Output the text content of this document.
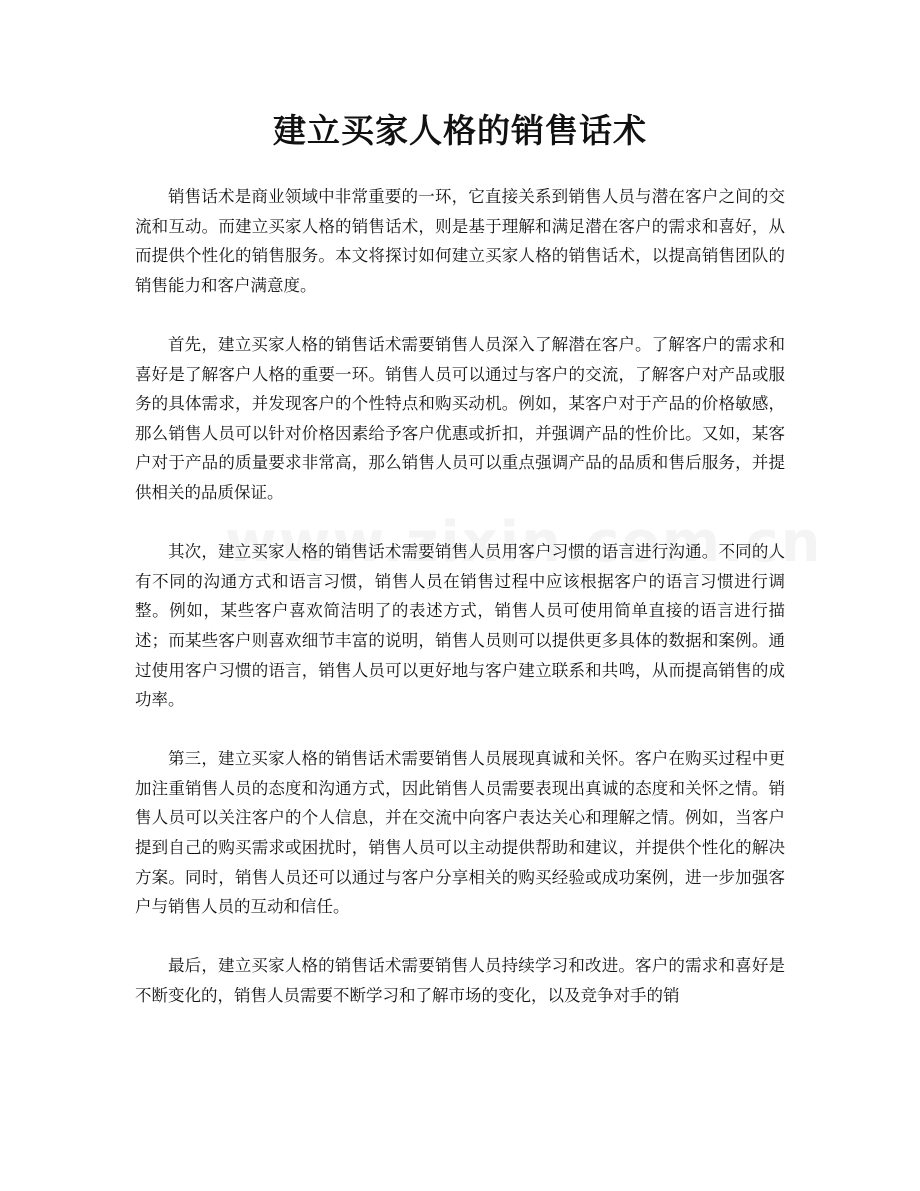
建立买家人格的销售话术

销售话术是商业领域中非常重要的一环，它直接关系到销售人员与潜在客户之间的交流和互动。而建立买家人格的销售话术，则是基于理解和满足潜在客户的需求和喜好，从而提供个性化的销售服务。本文将探讨如何建立买家人格的销售话术，以提高销售团队的销售能力和客户满意度。

首先，建立买家人格的销售话术需要销售人员深入了解潜在客户。了解客户的需求和喜好是了解客户人格的重要一环。销售人员可以通过与客户的交流，了解客户对产品或服务的具体需求，并发现客户的个性特点和购买动机。例如，某客户对于产品的价格敏感，那么销售人员可以针对价格因素给予客户优惠或折扣，并强调产品的性价比。又如，某客户对于产品的质量要求非常高，那么销售人员可以重点强调产品的品质和售后服务，并提供相关的品质保证。

其次，建立买家人格的销售话术需要销售人员用客户习惯的语言进行沟通。不同的人有不同的沟通方式和语言习惯，销售人员在销售过程中应该根据客户的语言习惯进行调整。例如，某些客户喜欢简洁明了的表述方式，销售人员可使用简单直接的语言进行描述；而某些客户则喜欢细节丰富的说明，销售人员则可以提供更多具体的数据和案例。通过使用客户习惯的语言，销售人员可以更好地与客户建立联系和共鸣，从而提高销售的成功率。

第三，建立买家人格的销售话术需要销售人员展现真诚和关怀。客户在购买过程中更加注重销售人员的态度和沟通方式，因此销售人员需要表现出真诚的态度和关怀之情。销售人员可以关注客户的个人信息，并在交流中向客户表达关心和理解之情。例如，当客户提到自己的购买需求或困扰时，销售人员可以主动提供帮助和建议，并提供个性化的解决方案。同时，销售人员还可以通过与客户分享相关的购买经验或成功案例，进一步加强客户与销售人员的互动和信任。

最后，建立买家人格的销售话术需要销售人员持续学习和改进。客户的需求和喜好是不断变化的，销售人员需要不断学习和了解市场的变化，以及竞争对手的销
